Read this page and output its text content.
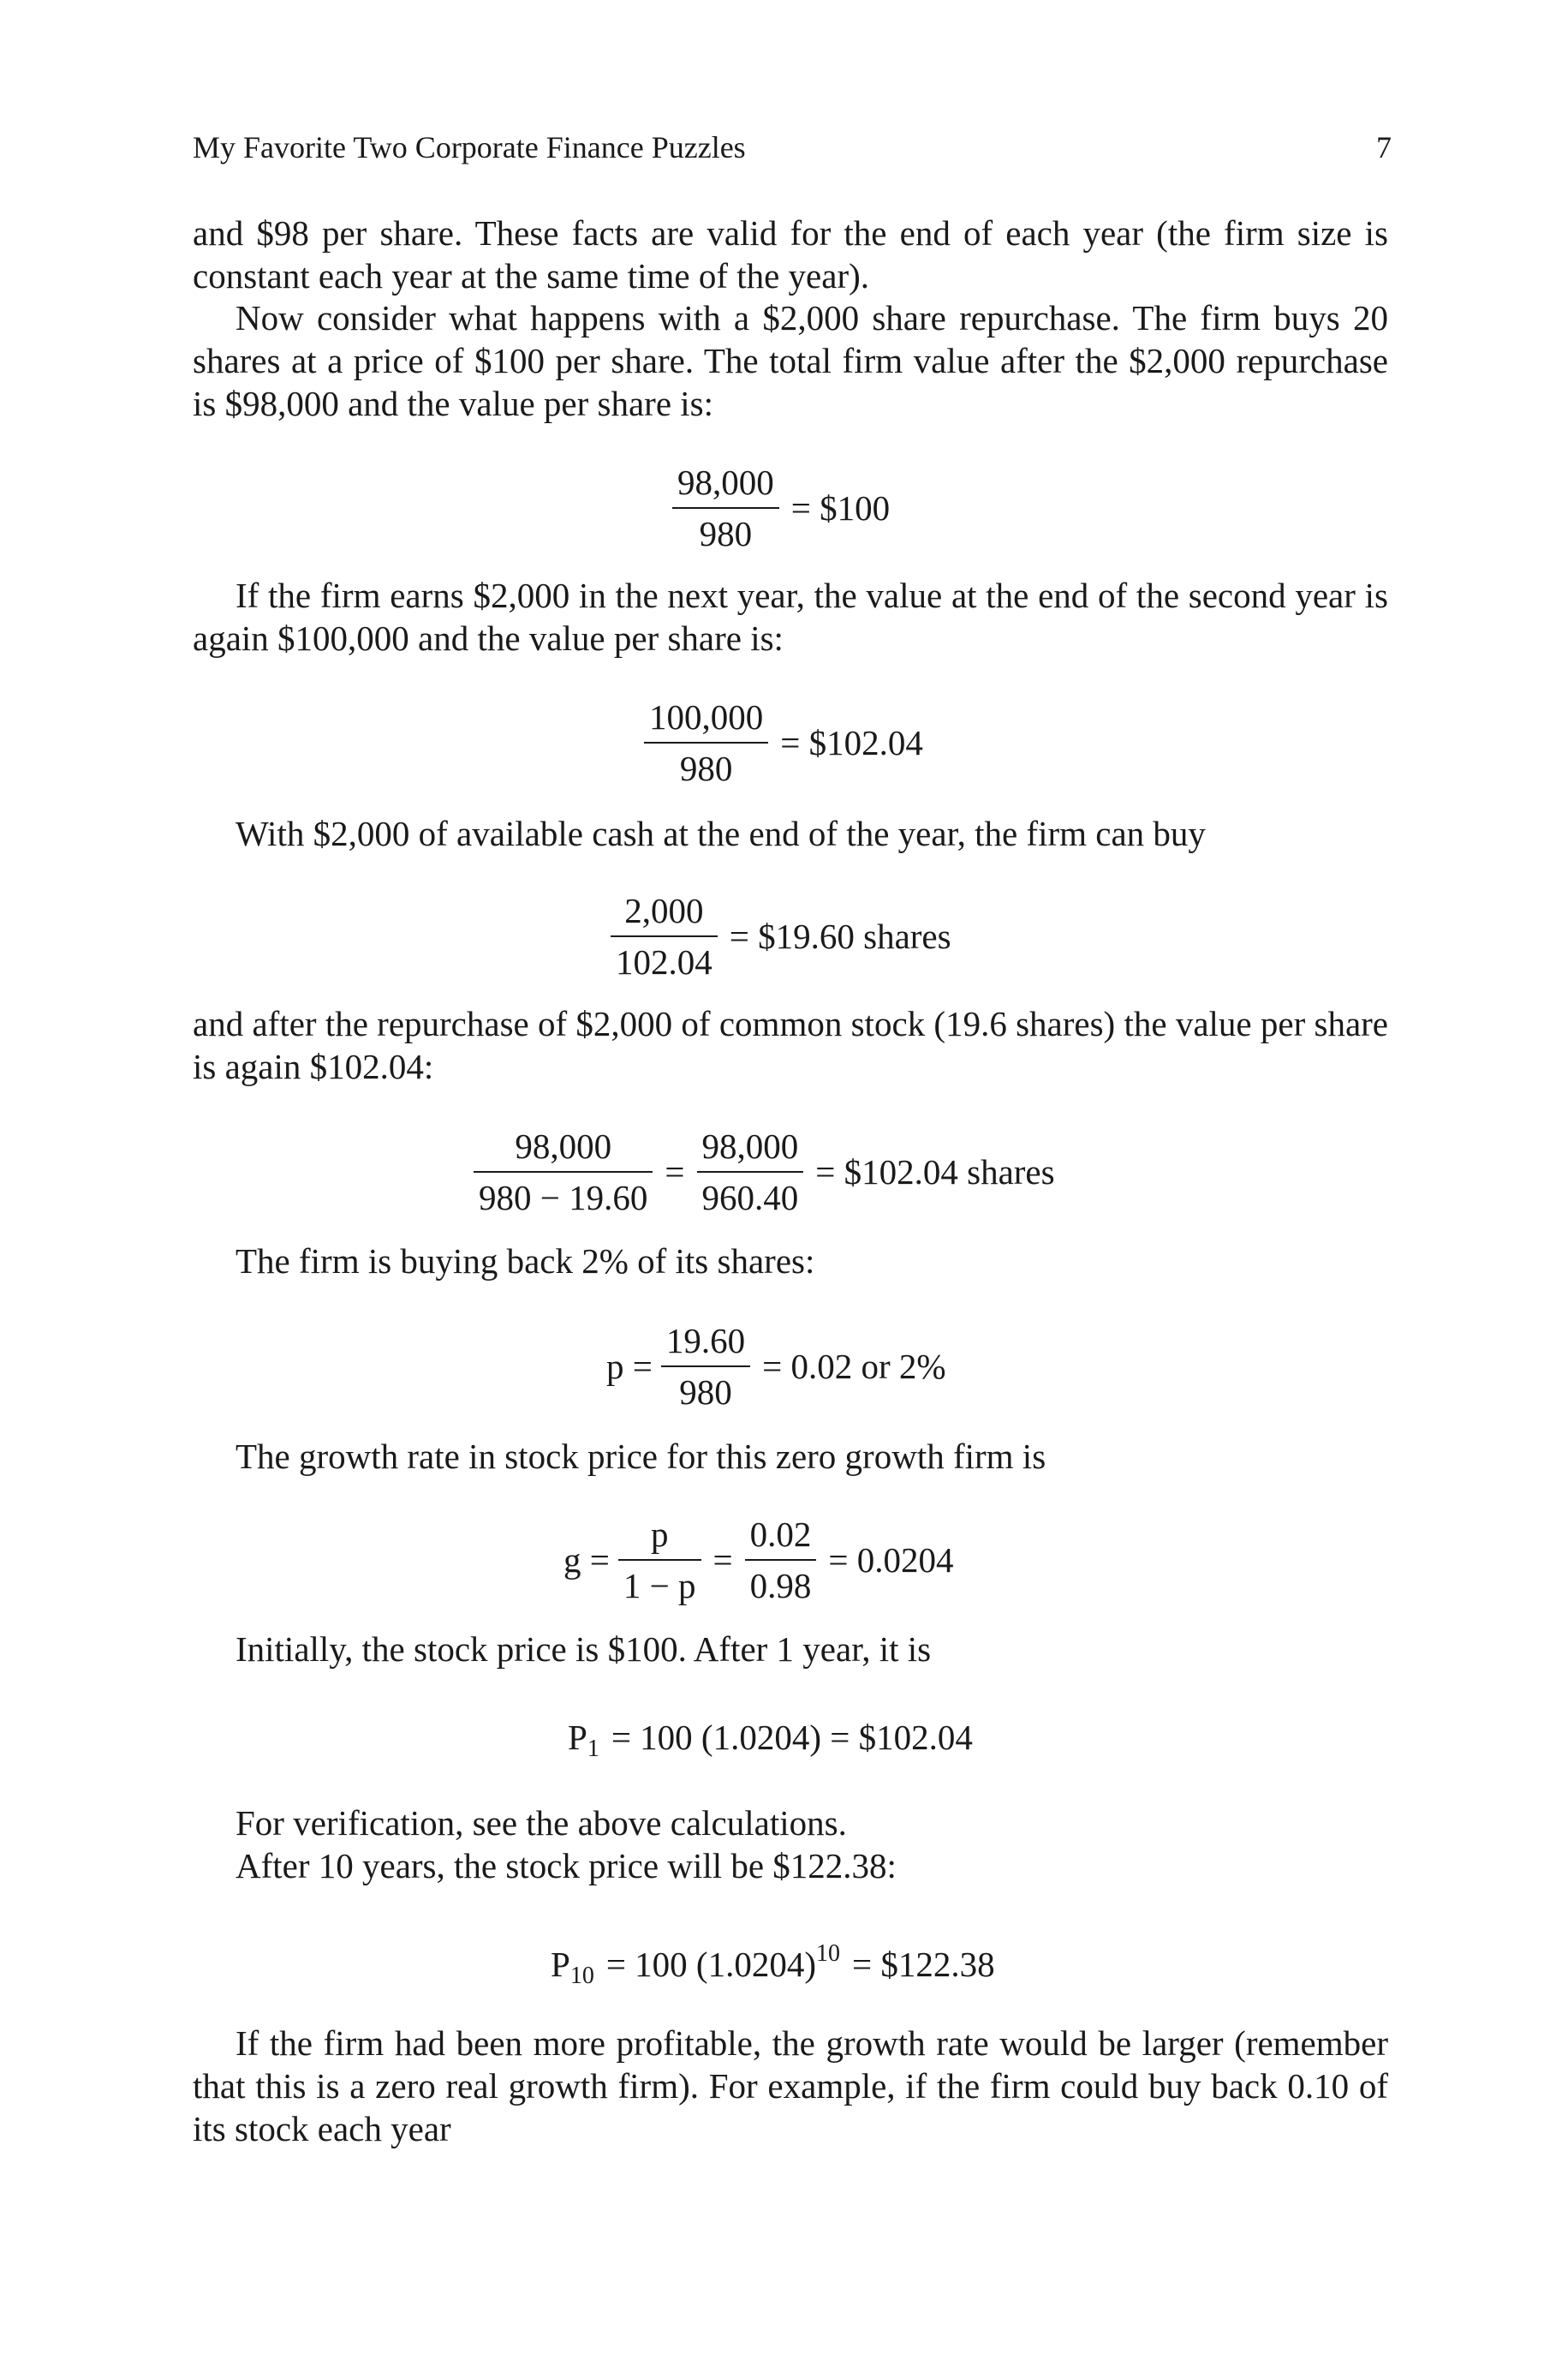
My Favorite Two Corporate Finance Puzzles	7

and $98 per share. These facts are valid for the end of each year (the firm size is constant each year at the same time of the year).

Now consider what happens with a $2,000 share repurchase. The firm buys 20 shares at a price of $100 per share. The total firm value after the $2,000 repurchase is $98,000 and the value per share is:

$\frac{98,000}{980}$ = $100

If the firm earns $2,000 in the next year, the value at the end of the second year is again $100,000 and the value per share is:

$\frac{100,000}{980}$ = $102.04

With $2,000 of available cash at the end of the year, the firm can buy

$\frac{2,000}{102.04}$ = $19.60 shares

and after the repurchase of $2,000 of common stock (19.6 shares) the value per share is again $102.04:

$\frac{98,000}{980 - 19.60} = \frac{98,000}{960.40}$ = $102.04 shares

The firm is buying back 2% of its shares:

$p = \frac{19.60}{980} = 0.02$ or 2%

The growth rate in stock price for this zero growth firm is

$g = \frac{p}{1 - p} = \frac{0.02}{0.98} = 0.0204$

Initially, the stock price is $100. After 1 year, it is

$P_1 = 100$ (1.0204) = $102.04

For verification, see the above calculations.

After 10 years, the stock price will be $122.38:

$P_{10} = 100$ $(1.0204)^{10}$ = $122.38

If the firm had been more profitable, the growth rate would be larger (remember that this is a zero real growth firm). For example, if the firm could buy back 0.10 of its stock each year
